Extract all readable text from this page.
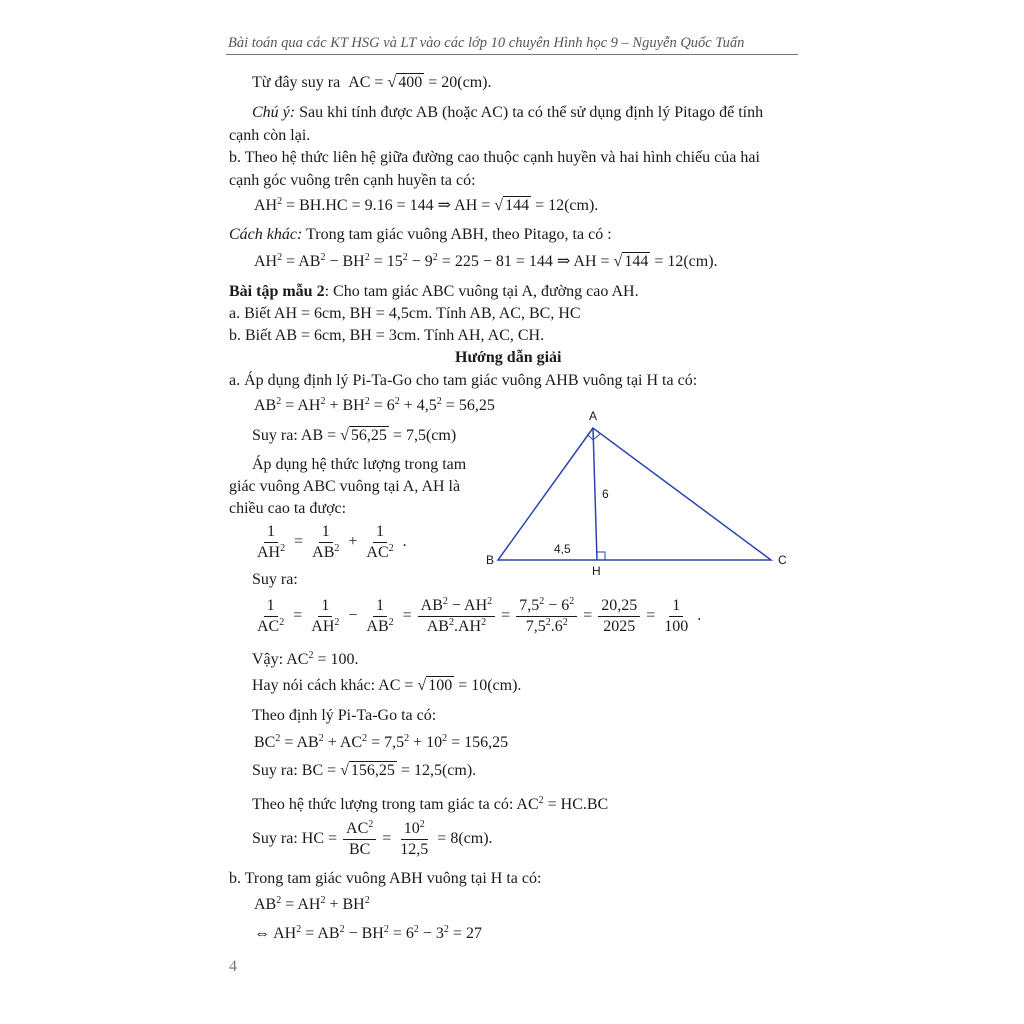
Bài toán qua các KT HSG và LT vào các lớp 10 chuyên Hình học 9 – Nguyễn Quốc Tuấn
Từ đây suy ra AC = √ 400 = 20(cm).
Chú ý: Sau khi tính được AB (hoặc AC) ta có thể sử dụng định lý Pitago để tính
cạnh còn lại.
b. Theo hệ thức liên hệ giữa đường cao thuộc cạnh huyền và hai hình chiếu của hai
cạnh góc vuông trên cạnh huyền ta có:
$AH^2 = BH.HC = 9.16 = 144$ ⇒ AH = √ 144 = 12(cm).
Cách khác: Trong tam giác vuông ABH, theo Pitago, ta có :
$AH^2 = AB^2 - BH^2 = 15^2 - 9^2 = 225 - 81 = 144$ ⇒ AH = √ 144 = 12(cm).
Bài tập mẫu 2: Cho tam giác ABC vuông tại A, đường cao AH.
a. Biết AH = 6cm, BH = 4,5cm. Tính AB, AC, BC, HC
b. Biết AB = 6cm, BH = 3cm. Tính AH, AC, CH.
Hướng dẫn giải
a. Áp dụng định lý Pi-Ta-Go cho tam giác vuông AHB vuông tại H ta có:
$AB^2 = AH^2 + BH^2 = 6^2 + 4,5^2 = 56,25$
Suy ra: AB = √ 56,25 = 7,5(cm)
Áp dụng hệ thức lượng trong tam
giác vuông ABC vuông tại A, AH là
chiều cao ta được:
$\frac{1}{AH^2} = \frac{1}{AB^2} + \frac{1}{AC^2}$ .
Suy ra:
$\frac{1}{AC^2} = \frac{1}{AH^2} - \frac{1}{AB^2} = \frac{AB^2 - AH^2}{AB^2.AH^2} = \frac{7,5^2 - 6^2}{7,5^2.6^2} = \frac{20,25}{2025} = \frac{1}{100}$ .
Vậy: $AC^2 = 100$.
Hay nói cách khác: AC = √ 100 = 10(cm).
Theo định lý Pi-Ta-Go ta có:
$BC^2 = AB^2 + AC^2 = 7,5^2 + 10^2 = 156,25$
Suy ra: BC = √ 156,25 = 12,5(cm).
Theo hệ thức lượng trong tam giác ta có: $AC^2 = HC.BC$
Suy ra: HC = $\frac{AC^2}{BC} = \frac{10^2}{12,5} = 8(cm)$.
b. Trong tam giác vuông ABH vuông tại H ta có:
$AB^2 = AH^2 + BH^2$
⇔ $AH^2 = AB^2 - BH^2 = 6^2 - 3^2 = 27$
A
B	C
H
6
4,5
4
